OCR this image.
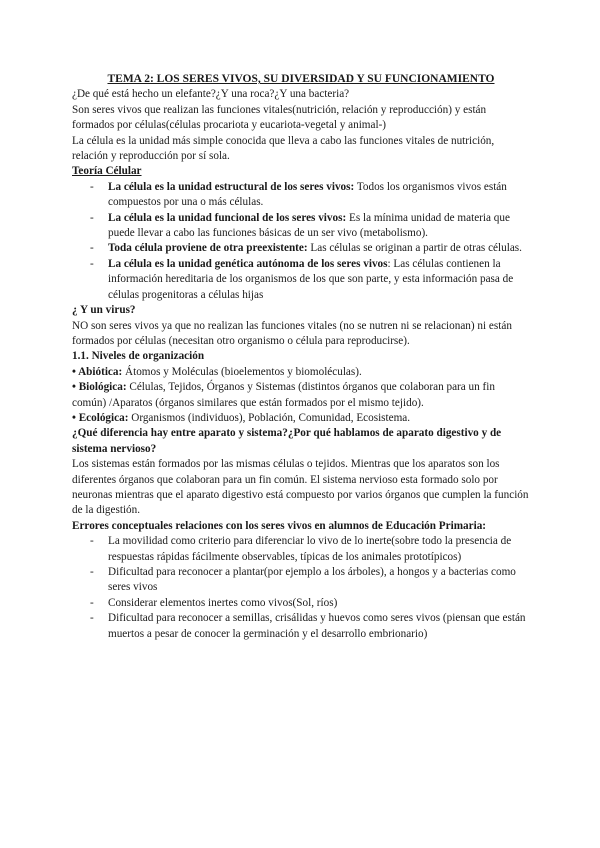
TEMA 2: LOS SERES VIVOS, SU DIVERSIDAD Y SU FUNCIONAMIENTO

¿De qué está hecho un elefante?¿Y una roca?¿Y una bacteria?

Son seres vivos que realizan las funciones vitales(nutrición, relación y reproducción) y están formados por células(células procariota y eucariota-vegetal y animal-)

La célula es la unidad más simple conocida que lleva a cabo las funciones vitales de nutrición, relación y reproducción por sí sola.

Teoría Célular

- La célula es la unidad estructural de los seres vivos: Todos los organismos vivos están compuestos por una o más células.
- La célula es la unidad funcional de los seres vivos: Es la mínima unidad de materia que puede llevar a cabo las funciones básicas de un ser vivo (metabolismo).
- Toda célula proviene de otra preexistente: Las células se originan a partir de otras células.
- La célula es la unidad genética autónoma de los seres vivos: Las células contienen la información hereditaria de los organismos de los que son parte, y esta información pasa de células progenitoras a células hijas

¿ Y un virus?

NO son seres vivos ya que no realizan las funciones vitales (no se nutren ni se relacionan) ni están formados por células (necesitan otro organismo o célula para reproducirse).

1.1. Niveles de organización

• Abiótica: Átomos y Moléculas (bioelementos y biomoléculas).

• Biológica: Células, Tejidos, Órganos y Sistemas (distintos órganos que colaboran para un fin común) /Aparatos (órganos similares que están formados por el mismo tejido).

• Ecológica: Organismos (individuos), Población, Comunidad, Ecosistema.

¿Qué diferencia hay entre aparato y sistema?¿Por qué hablamos de aparato digestivo y de sistema nervioso?

Los sistemas están formados por las mismas células o tejidos. Mientras que los aparatos son los diferentes órganos que colaboran para un fin común. El sistema nervioso esta formado solo por neuronas mientras que el aparato digestivo está compuesto por varios órganos que cumplen la función de la digestión.

Errores conceptuales relaciones con los seres vivos en alumnos de Educación Primaria:

- La movilidad como criterio para diferenciar lo vivo de lo inerte(sobre todo la presencia de respuestas rápidas fácilmente observables, típicas de los animales prototípicos)
- Dificultad para reconocer a plantar(por ejemplo a los árboles), a hongos y a bacterias como seres vivos
- Considerar elementos inertes como vivos(Sol, ríos)
- Dificultad para reconocer a semillas, crisálidas y huevos como seres vivos (piensan que están muertos a pesar de conocer la germinación y el desarrollo embrionario)
